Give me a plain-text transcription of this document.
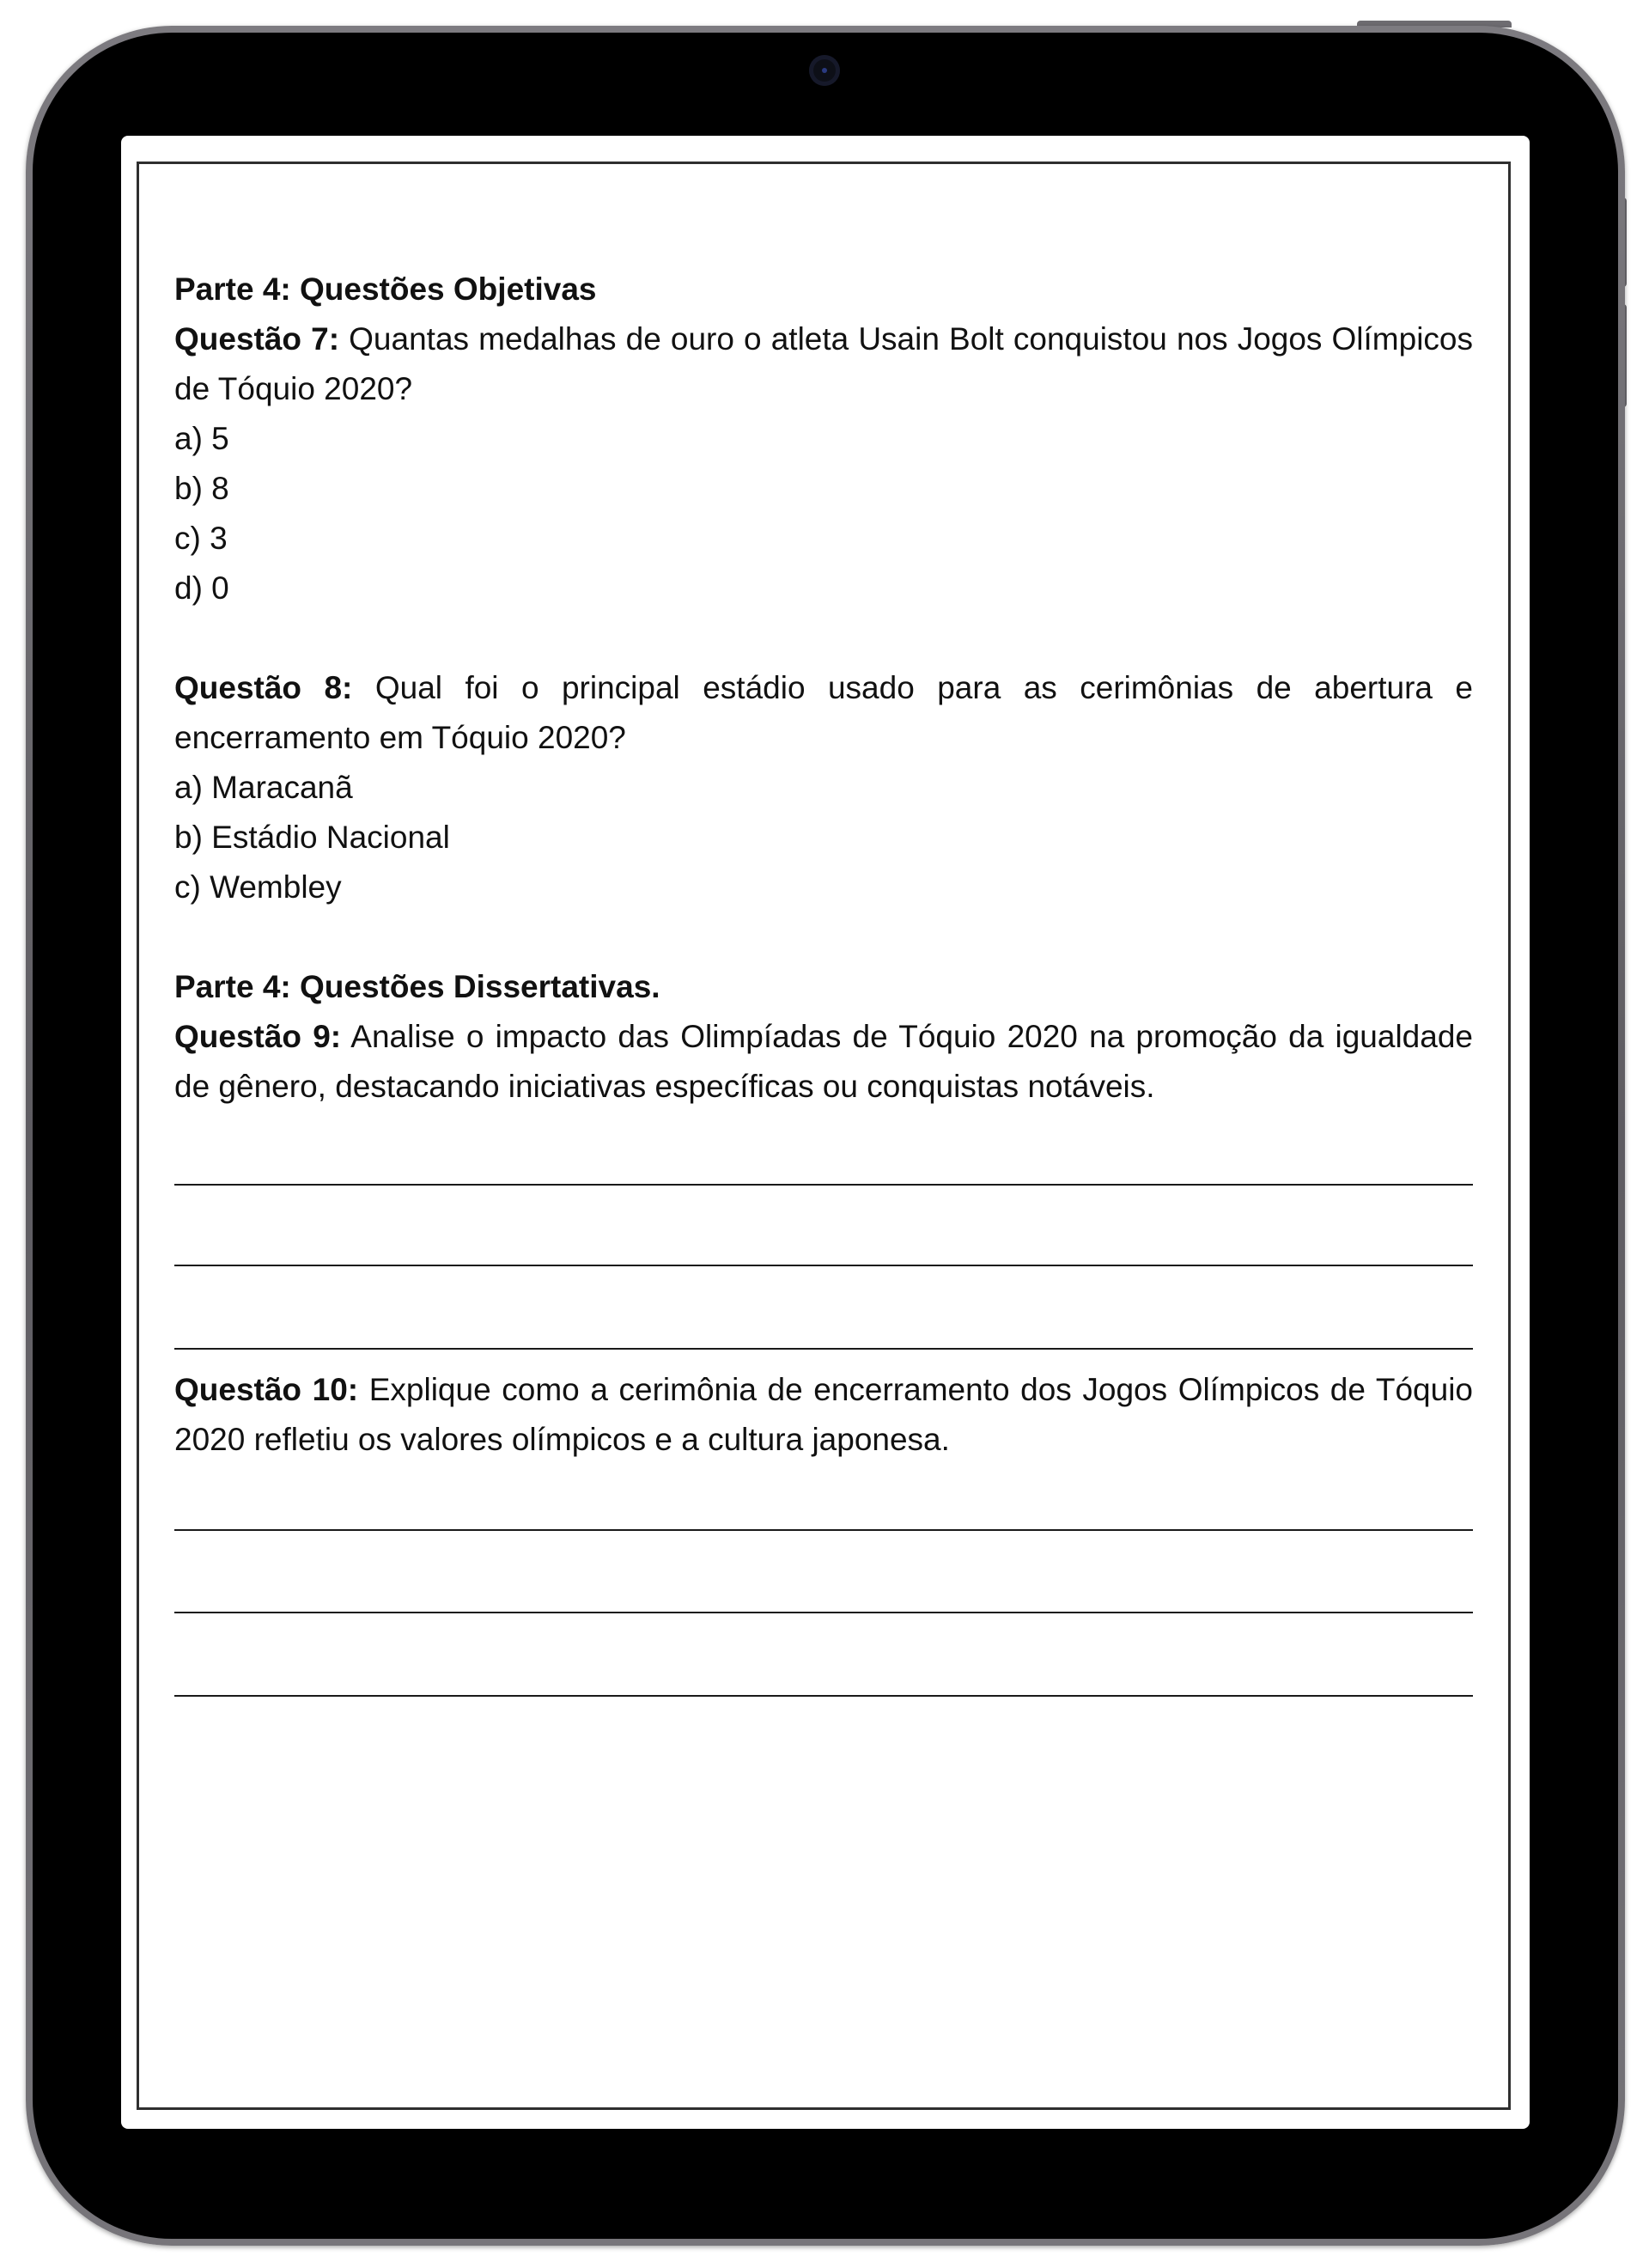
Parte 4: Questões Objetivas
Questão 7: Quantas medalhas de ouro o atleta Usain Bolt conquistou nos Jogos Olímpicos de Tóquio 2020?
a) 5
b) 8
c) 3
d) 0
Questão 8: Qual foi o principal estádio usado para as cerimônias de abertura e encerramento em Tóquio 2020?
a) Maracanã
b) Estádio Nacional
c) Wembley
Parte 4: Questões Dissertativas.
Questão 9: Analise o impacto das Olimpíadas de Tóquio 2020 na promoção da igualdade de gênero, destacando iniciativas específicas ou conquistas notáveis.
Questão 10: Explique como a cerimônia de encerramento dos Jogos Olímpicos de Tóquio 2020 refletiu os valores olímpicos e a cultura japonesa.
